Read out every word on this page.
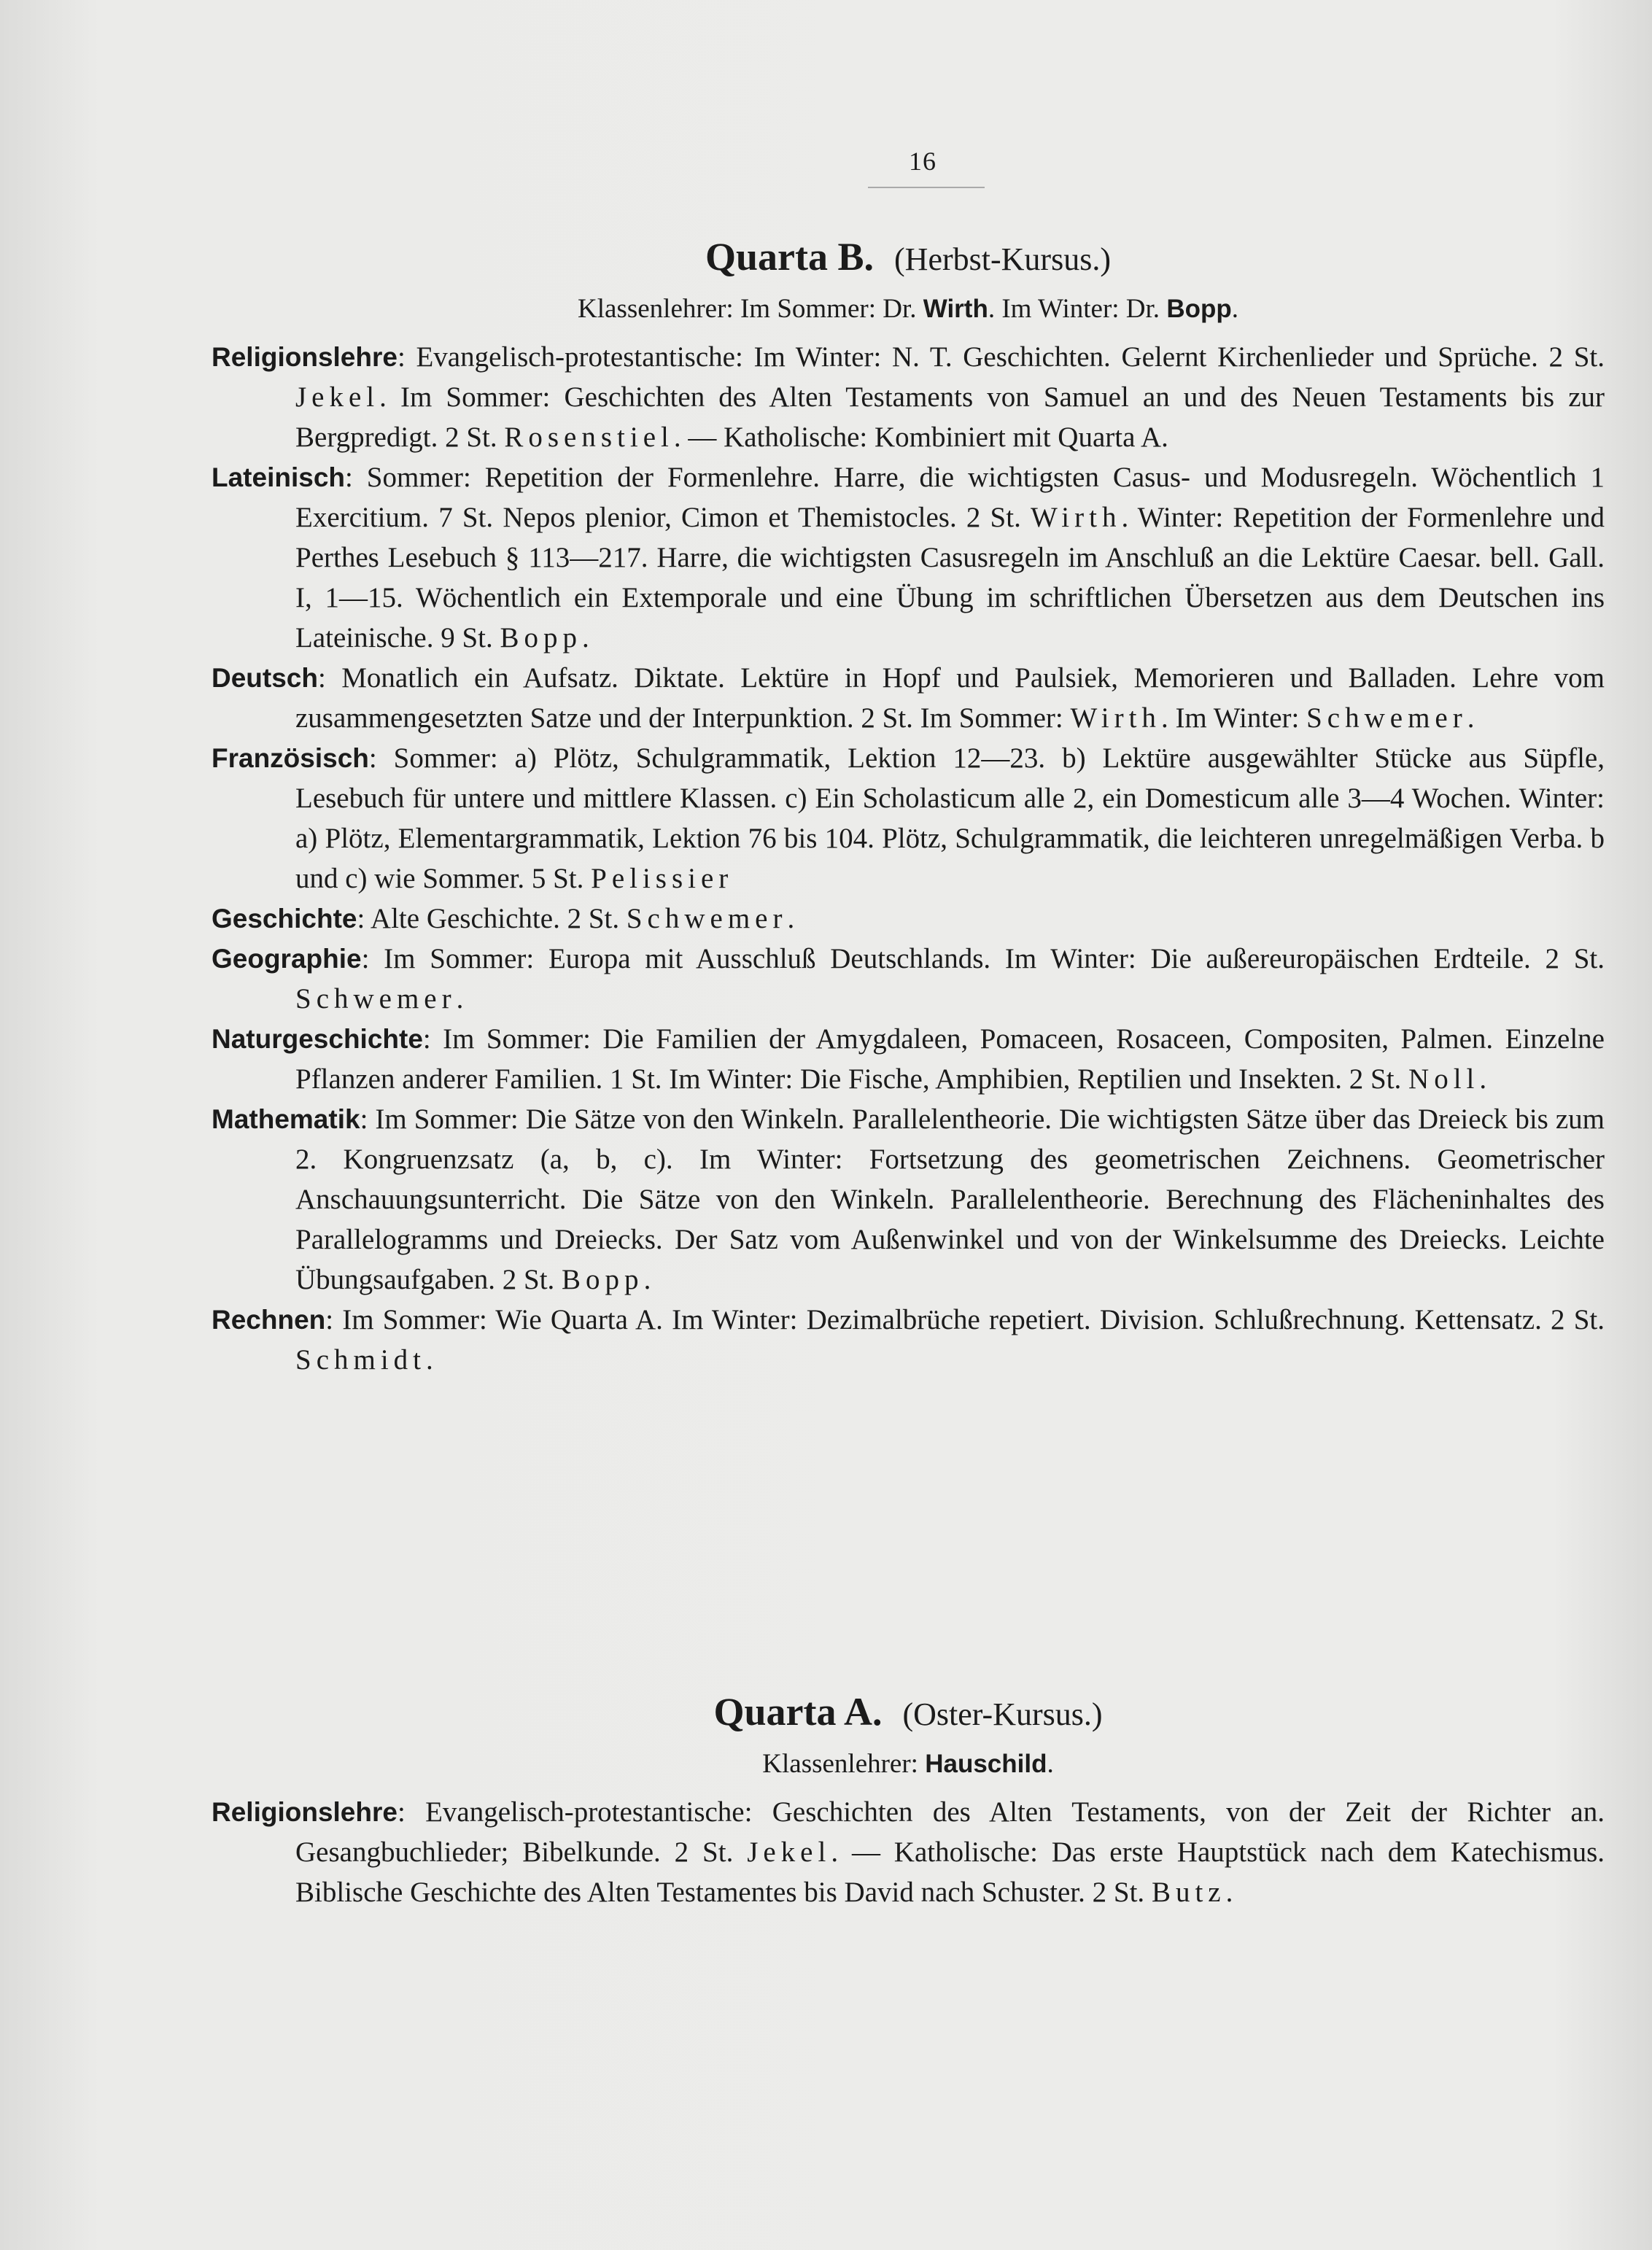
16
Quarta B. (Herbst-Kursus.)
Klassenlehrer: Im Sommer: Dr. Wirth. Im Winter: Dr. Bopp.

Religionslehre: Evangelisch-protestantische: Im Winter: N. T. Geschichten. Gelernt Kirchenlieder und Sprüche. 2 St. Jekel. Im Sommer: Geschichten des Alten Testaments von Samuel an und des Neuen Testaments bis zur Bergpredigt. 2 St. Rosenstiel. — Katholische: Kombiniert mit Quarta A.

Lateinisch: Sommer: Repetition der Formenlehre. Harre, die wichtigsten Casus- und Modusregeln. Wöchentlich 1 Exercitium. 7 St. Nepos plenior, Cimon et Themistocles. 2 St. Wirth. Winter: Repetition der Formenlehre und Perthes Lesebuch § 113—217. Harre, die wichtigsten Casusregeln im Anschluß an die Lektüre Caesar. bell. Gall. I, 1—15. Wöchentlich ein Extemporale und eine Übung im schriftlichen Übersetzen aus dem Deutschen ins Lateinische. 9 St. Bopp.

Deutsch: Monatlich ein Aufsatz. Diktate. Lektüre in Hopf und Paulsiek, Memorieren und Balladen. Lehre vom zusammengesetzten Satze und der Interpunktion. 2 St. Im Sommer: Wirth. Im Winter: Schwemer.

Französisch: Sommer: a) Plötz, Schulgrammatik, Lektion 12—23. b) Lektüre ausgewählter Stücke aus Süpfle, Lesebuch für untere und mittlere Klassen. c) Ein Scholasticum alle 2, ein Domesticum alle 3—4 Wochen. Winter: a) Plötz, Elementargrammatik, Lektion 76 bis 104. Plötz, Schulgrammatik, die leichteren unregelmäßigen Verba. b und c) wie Sommer. 5 St. Pelissier

Geschichte: Alte Geschichte. 2 St. Schwemer.

Geographie: Im Sommer: Europa mit Ausschluß Deutschlands. Im Winter: Die außereuropäischen Erdteile. 2 St. Schwemer.

Naturgeschichte: Im Sommer: Die Familien der Amygdaleen, Pomaceen, Rosaceen, Compositen, Palmen. Einzelne Pflanzen anderer Familien. 1 St. Im Winter: Die Fische, Amphibien, Reptilien und Insekten. 2 St. Noll.

Mathematik: Im Sommer: Die Sätze von den Winkeln. Parallelentheorie. Die wichtigsten Sätze über das Dreieck bis zum 2. Kongruenzsatz (a, b, c). Im Winter: Fortsetzung des geometrischen Zeichnens. Geometrischer Anschauungsunterricht. Die Sätze von den Winkeln. Parallelentheorie. Berechnung des Flächeninhaltes des Parallelogramms und Dreiecks. Der Satz vom Außenwinkel und von der Winkelsumme des Dreiecks. Leichte Übungsaufgaben. 2 St. Bopp.

Rechnen: Im Sommer: Wie Quarta A. Im Winter: Dezimalbrüche repetiert. Division. Schlußrechnung. Kettensatz. 2 St. Schmidt.

Quarta A. (Oster-Kursus.)
Klassenlehrer: Hauschild.

Religionslehre: Evangelisch-protestantische: Geschichten des Alten Testaments, von der Zeit der Richter an. Gesangbuchlieder; Bibelkunde. 2 St. Jekel. — Katholische: Das erste Hauptstück nach dem Katechismus. Biblische Geschichte des Alten Testamentes bis David nach Schuster. 2 St. Butz.
